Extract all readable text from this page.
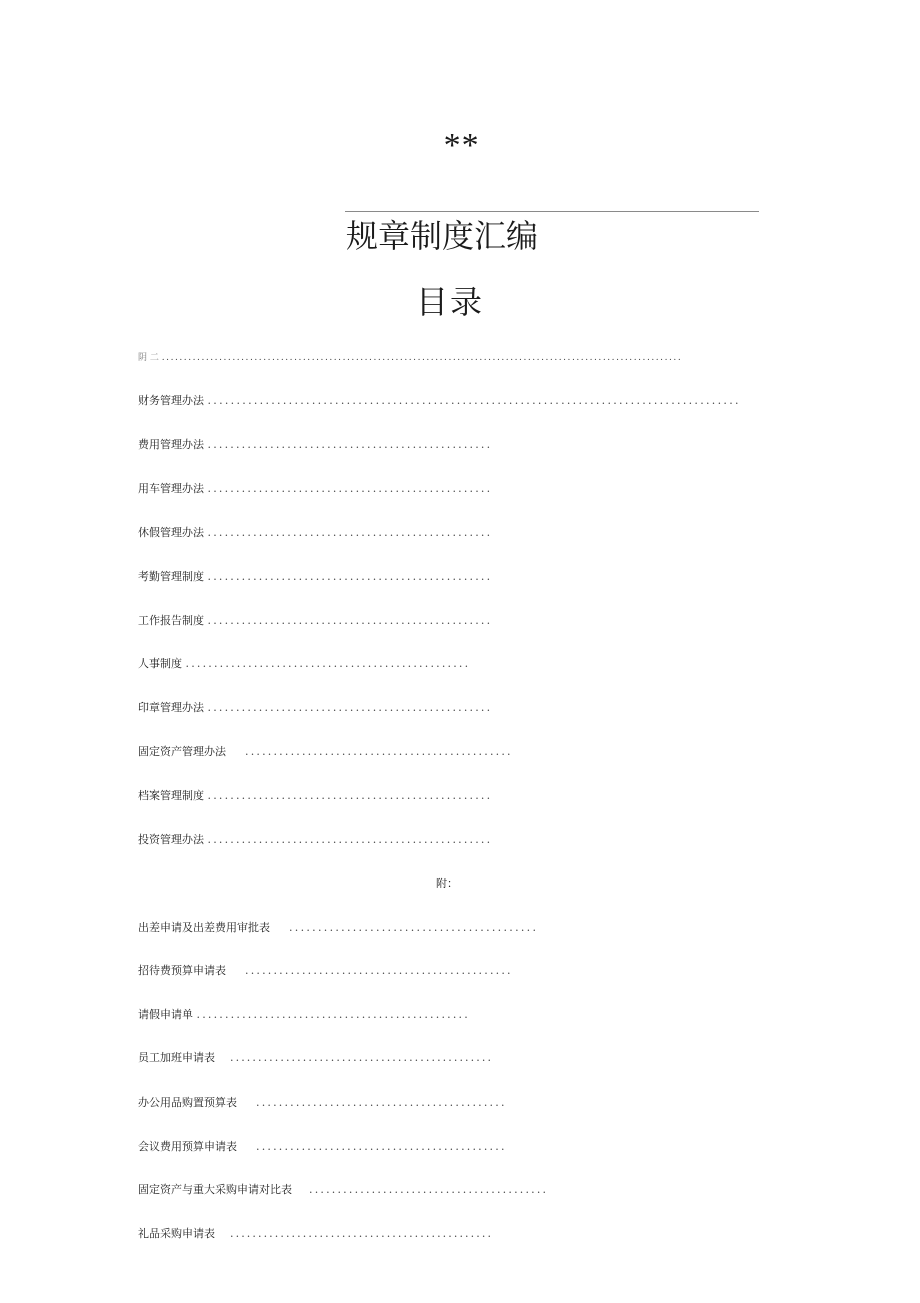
**
规章制度汇编
目录
阴 二 ......................................................................................................................
财务管理办法 ............................................................................................
费用管理办法 ..................................................
用车管理办法 ..................................................
休假管理办法 ..................................................
考勤管理制度 ..................................................
工作报告制度 ..................................................
人事制度 ..................................................
印章管理办法 ..................................................
固定资产管理办法 ...............................................
档案管理制度 ..................................................
投资管理办法 ..................................................
附：
出差申请及出差费用审批表 ...........................................
招待费预算申请表 ...............................................
请假申请单 ................................................
员工加班申请表 ...............................................
办公用品购置预算表 ............................................
会议费用预算申请表 ............................................
固定资产与重大采购申请对比表 ..........................................
礼品采购申请表 ...............................................
